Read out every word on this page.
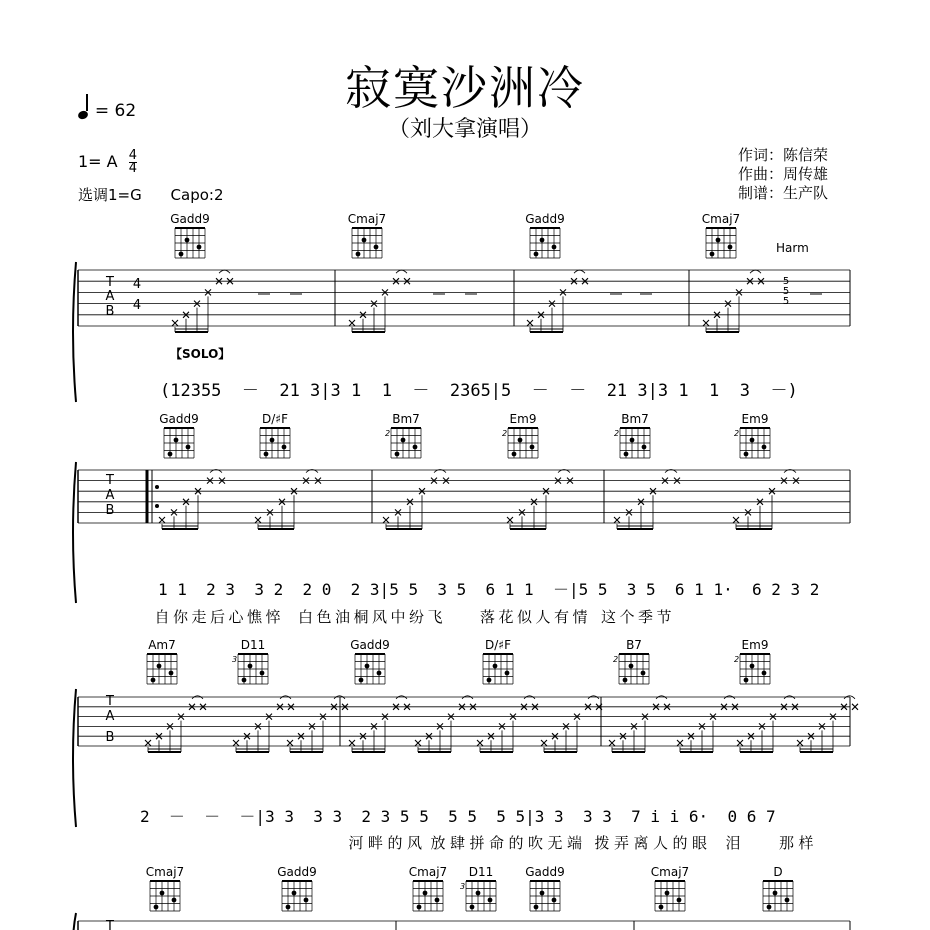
寂寞沙洲冷
（刘大拿演唱）
= 62
1= A $\frac{4}{4}$
选调1=G Capo:2
作词：陈信荣
作曲：周传雄
制谱：生产队
T
A
B
4
4
T
A
B
T
A
B
T
Harm
5
5
5
【SOLO】
(12355  －  21 3|3 1  1  －  2365|5  －  －  21 3|3 1  1  3  －)
1 1  2 3  3 2  2 0  2 3|5 5  3 5  6 1 1  －|5 5  3 5  6 1 1·  6 2 3 2
2  －  －  －|3 3  3 3  2 3 5 5  5 5  5 5|3 3  3 3  7 i i 6·  0 6 7
自 你 走 后 心 憔 悴 白 色 油 桐 风 中 纷 飞 落 花 似 人 有 情 这 个 季 节
河 畔 的 风 放 肆 拼 命 的 吹 无 端 拨 弄 离 人 的 眼 泪	那 样
Gadd9	Cmaj7	Gadd9	Cmaj7
Gadd9	D/♯F	Bm7
2
Em9
2
Bm7
2
Em9
2
Am7	D11
3
Gadd9	D/♯F	B7
2
Em9
2
Cmaj7	Gadd9	Cmaj7 D11
3
Gadd9	Cmaj7	D
